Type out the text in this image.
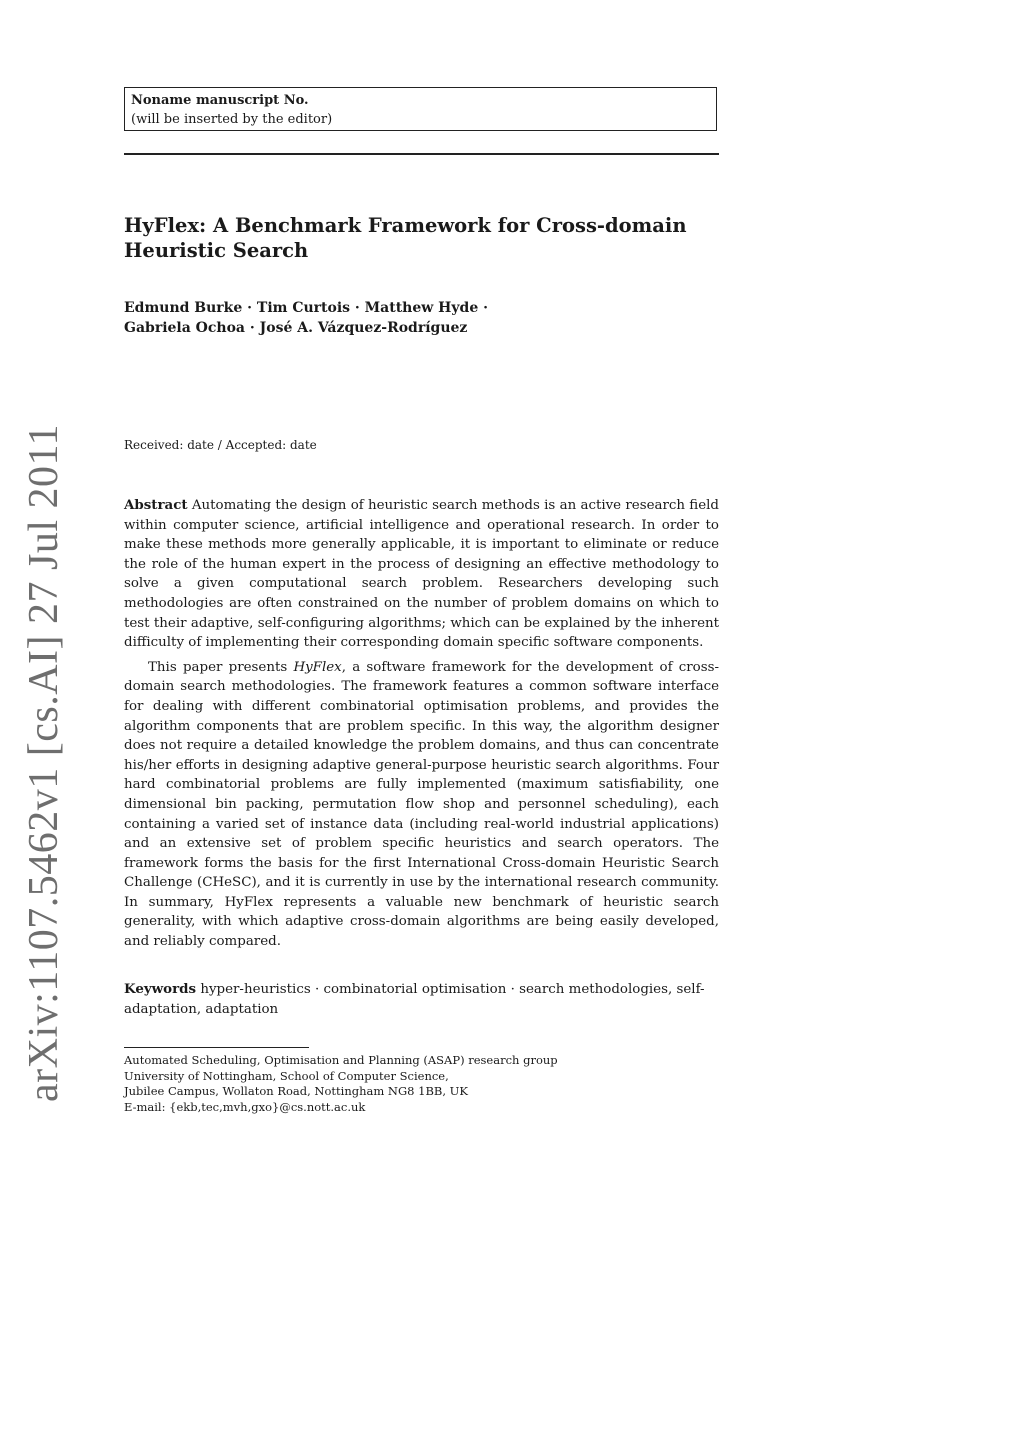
arXiv:1107.5462v1 [cs.AI] 27 Jul 2011
Noname manuscript No.
(will be inserted by the editor)
HyFlex: A Benchmark Framework for Cross-domain Heuristic Search
Edmund Burke · Tim Curtois · Matthew Hyde · Gabriela Ochoa · José A. Vázquez-Rodríguez
Received: date / Accepted: date

Abstract Automating the design of heuristic search methods is an active research field within computer science, artificial intelligence and operational research. In order to make these methods more generally applicable, it is important to eliminate or reduce the role of the human expert in the process of designing an effective methodology to solve a given computational search problem. Researchers developing such methodologies are often constrained on the number of problem domains on which to test their adaptive, self-configuring algorithms; which can be explained by the inherent difficulty of implementing their corresponding domain specific software components.

This paper presents HyFlex, a software framework for the development of cross-domain search methodologies. The framework features a common software interface for dealing with different combinatorial optimisation problems, and provides the algorithm components that are problem specific. In this way, the algorithm designer does not require a detailed knowledge the problem domains, and thus can concentrate his/her efforts in designing adaptive general-purpose heuristic search algorithms. Four hard combinatorial problems are fully implemented (maximum satisfiability, one dimensional bin packing, permutation flow shop and personnel scheduling), each containing a varied set of instance data (including real-world industrial applications) and an extensive set of problem specific heuristics and search operators. The framework forms the basis for the first International Cross-domain Heuristic Search Challenge (CHeSC), and it is currently in use by the international research community. In summary, HyFlex represents a valuable new benchmark of heuristic search generality, with which adaptive cross-domain algorithms are being easily developed, and reliably compared.

Keywords hyper-heuristics · combinatorial optimisation · search methodologies, self-adaptation, adaptation
Automated Scheduling, Optimisation and Planning (ASAP) research group
University of Nottingham, School of Computer Science,
Jubilee Campus, Wollaton Road, Nottingham NG8 1BB, UK
E-mail: {ekb,tec,mvh,gxo}@cs.nott.ac.uk
